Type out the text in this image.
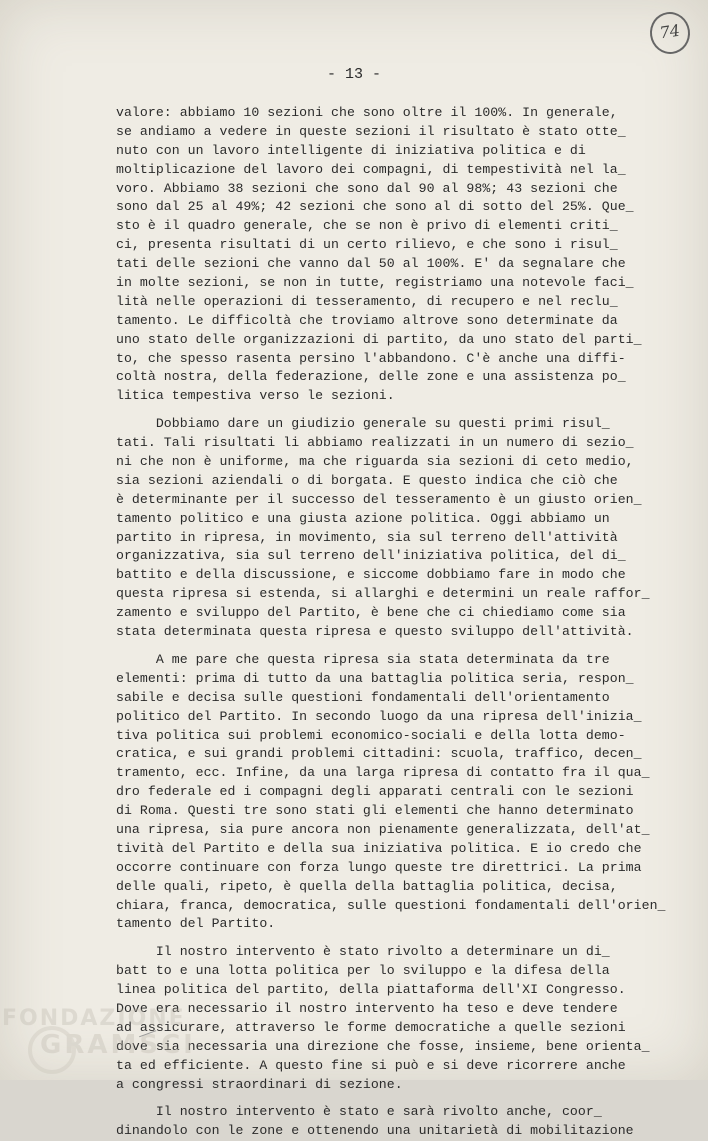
74
- 13 -
valore: abbiamo 10 sezioni che sono oltre il 100%. In generale,
se andiamo a vedere in queste sezioni il risultato è stato otte_
nuto con un lavoro intelligente di iniziativa politica e di
moltiplicazione del lavoro dei compagni, di tempestività nel la_
voro. Abbiamo 38 sezioni che sono dal 90 al 98%; 43 sezioni che
sono dal 25 al 49%; 42 sezioni che sono al di sotto del 25%. Que_
sto è il quadro generale, che se non è privo di elementi criti_
ci, presenta risultati di un certo rilievo, e che sono i risul_
tati delle sezioni che vanno dal 50 al 100%. E' da segnalare che
in molte sezioni, se non in tutte, registriamo una notevole faci_
lità nelle operazioni di tesseramento, di recupero e nel reclu_
tamento. Le difficoltà che troviamo altrove sono determinate da
uno stato delle organizzazioni di partito, da uno stato del parti_
to, che spesso rasenta persino l'abbandono. C'è anche una diffi-
coltà nostra, della federazione, delle zone e una assistenza po_
litica tempestiva verso le sezioni.
Dobbiamo dare un giudizio generale su questi primi risul_
tati. Tali risultati li abbiamo realizzati in un numero di sezio_
ni che non è uniforme, ma che riguarda sia sezioni di ceto medio,
sia sezioni aziendali o di borgata. E questo indica che ciò che
è determinante per il successo del tesseramento è un giusto orien_
tamento politico e una giusta azione politica. Oggi abbiamo un
partito in ripresa, in movimento, sia sul terreno dell'attività
organizzativa, sia sul terreno dell'iniziativa politica, del di_
battito e della discussione, e siccome dobbiamo fare in modo che
questa ripresa si estenda, si allarghi e determini un reale raffor_
zamento e sviluppo del Partito, è bene che ci chiediamo come sia
stata determinata questa ripresa e questo sviluppo dell'attività.
A me pare che questa ripresa sia stata determinata da tre
elementi: prima di tutto da una battaglia politica seria, respon_
sabile e decisa sulle questioni fondamentali dell'orientamento
politico del Partito. In secondo luogo da una ripresa dell'inizia_
tiva politica sui problemi economico-sociali e della lotta demo-
cratica, e sui grandi problemi cittadini: scuola, traffico, decen_
tramento, ecc. Infine, da una larga ripresa di contatto fra il qua_
dro federale ed i compagni degli apparati centrali con le sezioni
di Roma. Questi tre sono stati gli elementi che hanno determinato
una ripresa, sia pure ancora non pienamente generalizzata, dell'at_
tività del Partito e della sua iniziativa politica. E io credo che
occorre continuare con forza lungo queste tre direttrici. La prima
delle quali, ripeto, è quella della battaglia politica, decisa,
chiara, franca, democratica, sulle questioni fondamentali dell'orien_
tamento del Partito.
Il nostro intervento è stato rivolto a determinare un di_
batt to e una lotta politica per lo sviluppo e la difesa della
linea politica del partito, della piattaforma dell'XI Congresso.
Dove era necessario il nostro intervento ha teso e deve tendere
ad assicurare, attraverso le forme democratiche a quelle sezioni
dove sia necessaria una direzione che fosse, insieme, bene orienta_
ta ed efficiente. A questo fine si può e si deve ricorrere anche
a congressi straordinari di sezione.
Il nostro intervento è stato e sarà rivolto anche, coor_
dinandolo con le zone e ottenendo una unitarietà di mobilitazione
FONDAZIONE
GRAMSCI
